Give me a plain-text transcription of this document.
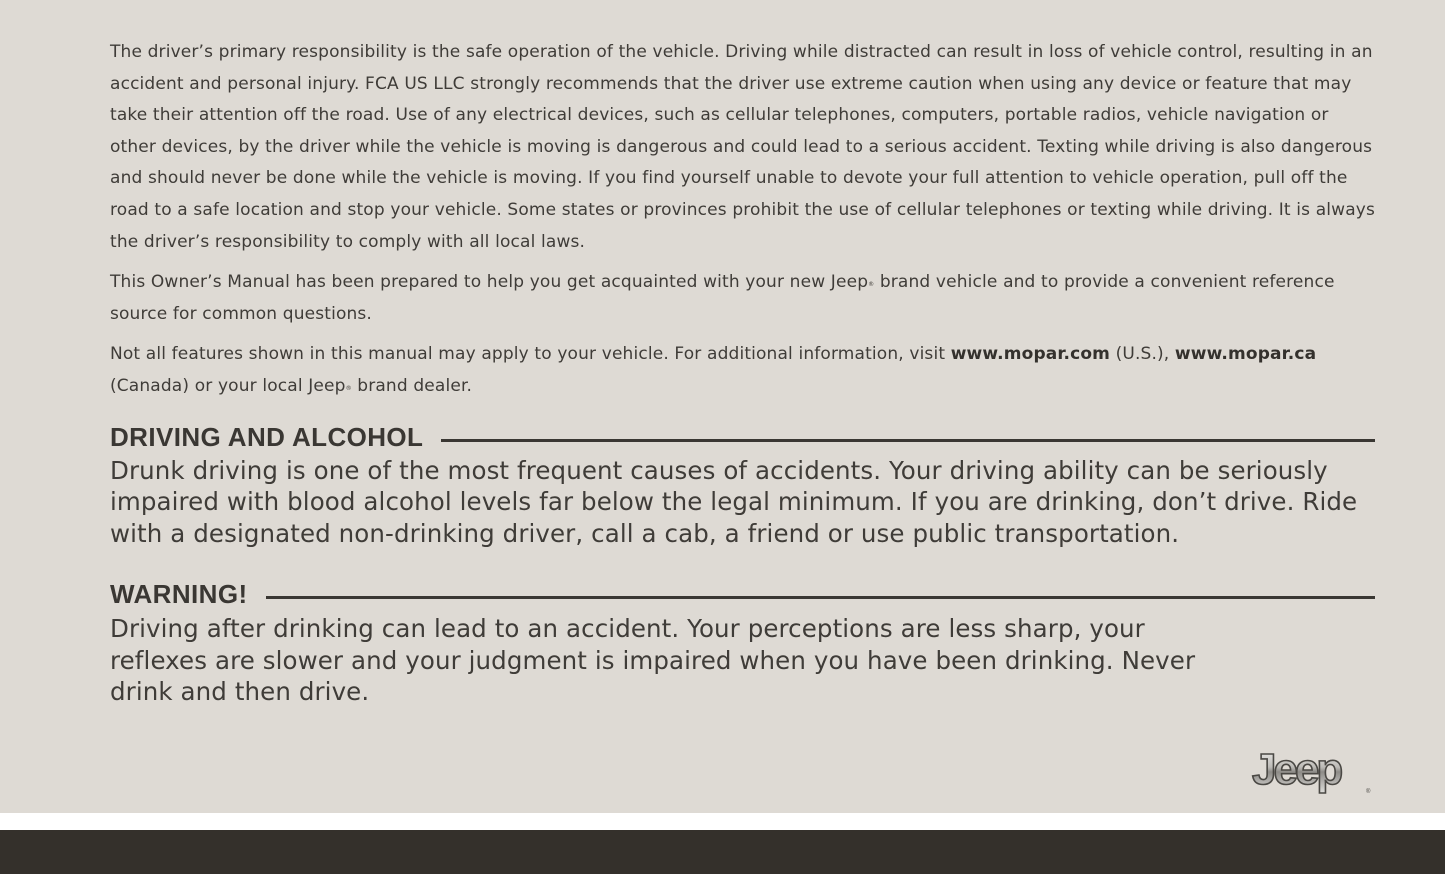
The driver’s primary responsibility is the safe operation of the vehicle. Driving while distracted can result in loss of vehicle control, resulting in an accident and personal injury. FCA US LLC strongly recommends that the driver use extreme caution when using any device or feature that may take their attention off the road. Use of any electrical devices, such as cellular telephones, computers, portable radios, vehicle navigation or other devices, by the driver while the vehicle is moving is dangerous and could lead to a serious accident. Texting while driving is also dangerous and should never be done while the vehicle is moving. If you find yourself unable to devote your full attention to vehicle operation, pull off the road to a safe location and stop your vehicle. Some states or provinces prohibit the use of cellular telephones or texting while driving. It is always the driver’s responsibility to comply with all local laws.

This Owner’s Manual has been prepared to help you get acquainted with your new Jeep® brand vehicle and to provide a convenient reference source for common questions.

Not all features shown in this manual may apply to your vehicle. For additional information, visit www.mopar.com (U.S.), www.mopar.ca (Canada) or your local Jeep® brand dealer.

DRIVING AND ALCOHOL

Drunk driving is one of the most frequent causes of accidents. Your driving ability can be seriously impaired with blood alcohol levels far below the legal minimum. If you are drinking, don’t drive. Ride with a designated non-drinking driver, call a cab, a friend or use public transportation.

WARNING!

Driving after drinking can lead to an accident. Your perceptions are less sharp, your reflexes are slower and your judgment is impaired when you have been drinking. Never drink and then drive.

Jeep	®
